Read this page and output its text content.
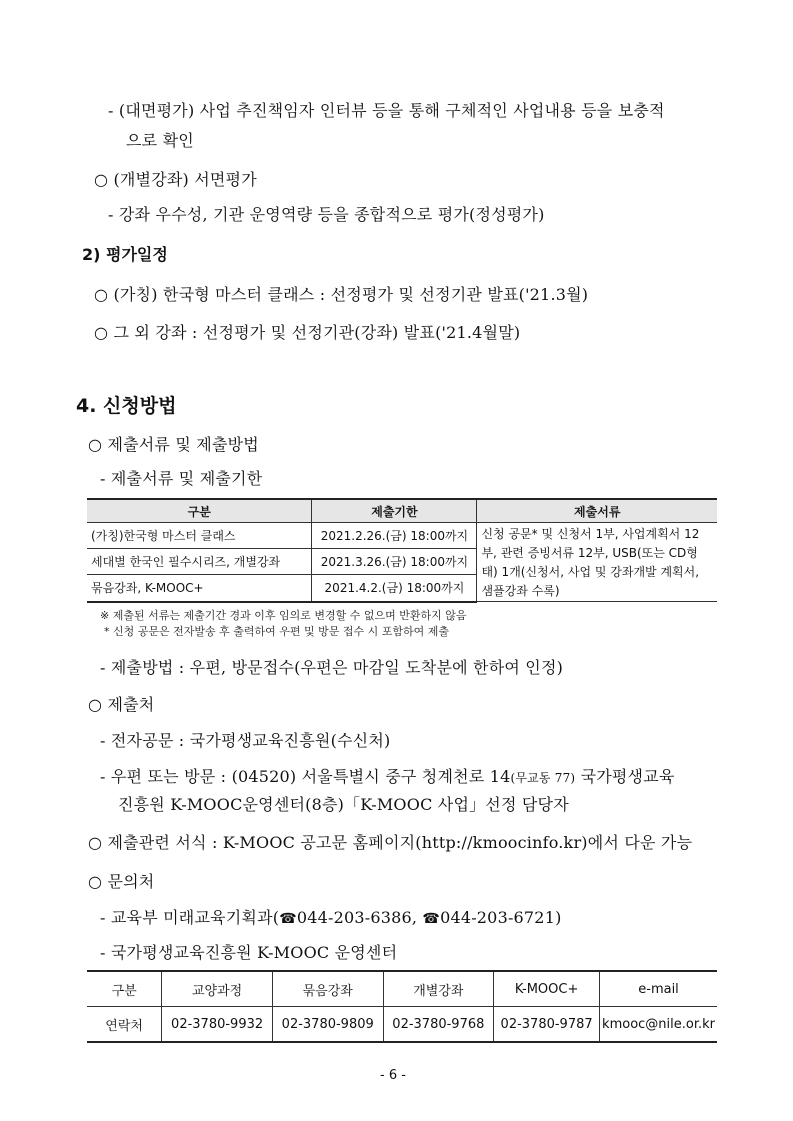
- (대면평가) 사업 추진책임자 인터뷰 등을 통해 구체적인 사업내용 등을 보충적
으로 확인
○ (개별강좌) 서면평가
- 강좌 우수성, 기관 운영역량 등을 종합적으로 평가(정성평가)
2) 평가일정
○ (가칭) 한국형 마스터 클래스 : 선정평가 및 선정기관 발표('21.3월)
○ 그 외 강좌 : 선정평가 및 선정기관(강좌) 발표('21.4월말)
4. 신청방법
○ 제출서류 및 제출방법
- 제출서류 및 제출기한
구분	제출기한	제출서류
(가칭)한국형 마스터 클래스	2021.2.26.(금) 18:00까지	신청 공문* 및 신청서 1부, 사업계획서 12부, 관련 증빙서류 12부, USB(또는 CD형태) 1개(신청서, 사업 및 강좌개발 계획서, 샘플강좌 수록)
세대별 한국인 필수시리즈, 개별강좌	2021.3.26.(금) 18:00까지	
묶음강좌, K-MOOC+	2021.4.2.(금) 18:00까지	
※ 제출된 서류는 제출기간 경과 이후 임의로 변경할 수 없으며 반환하지 않음
* 신청 공문은 전자발송 후 출력하여 우편 및 방문 접수 시 포함하여 제출
- 제출방법 : 우편, 방문접수(우편은 마감일 도착분에 한하여 인정)
○ 제출처
- 전자공문 : 국가평생교육진흥원(수신처)
- 우편 또는 방문 : (04520) 서울특별시 중구 청계천로 14(무교동 77) 국가평생교육
진흥원 K-MOOC운영센터(8층)「K-MOOC 사업」선정 담당자
○ 제출관련 서식 : K-MOOC 공고문 홈페이지(http://kmoocinfo.kr)에서 다운 가능
○ 문의처
- 교육부 미래교육기획과(☎044-203-6386, ☎044-203-6721)
- 국가평생교육진흥원 K-MOOC 운영센터
구분	교양과정	묶음강좌	개별강좌	K-MOOC+	e-mail
연락처	02-3780-9932	02-3780-9809	02-3780-9768	02-3780-9787	kmooc@nile.or.kr
- 6 -
